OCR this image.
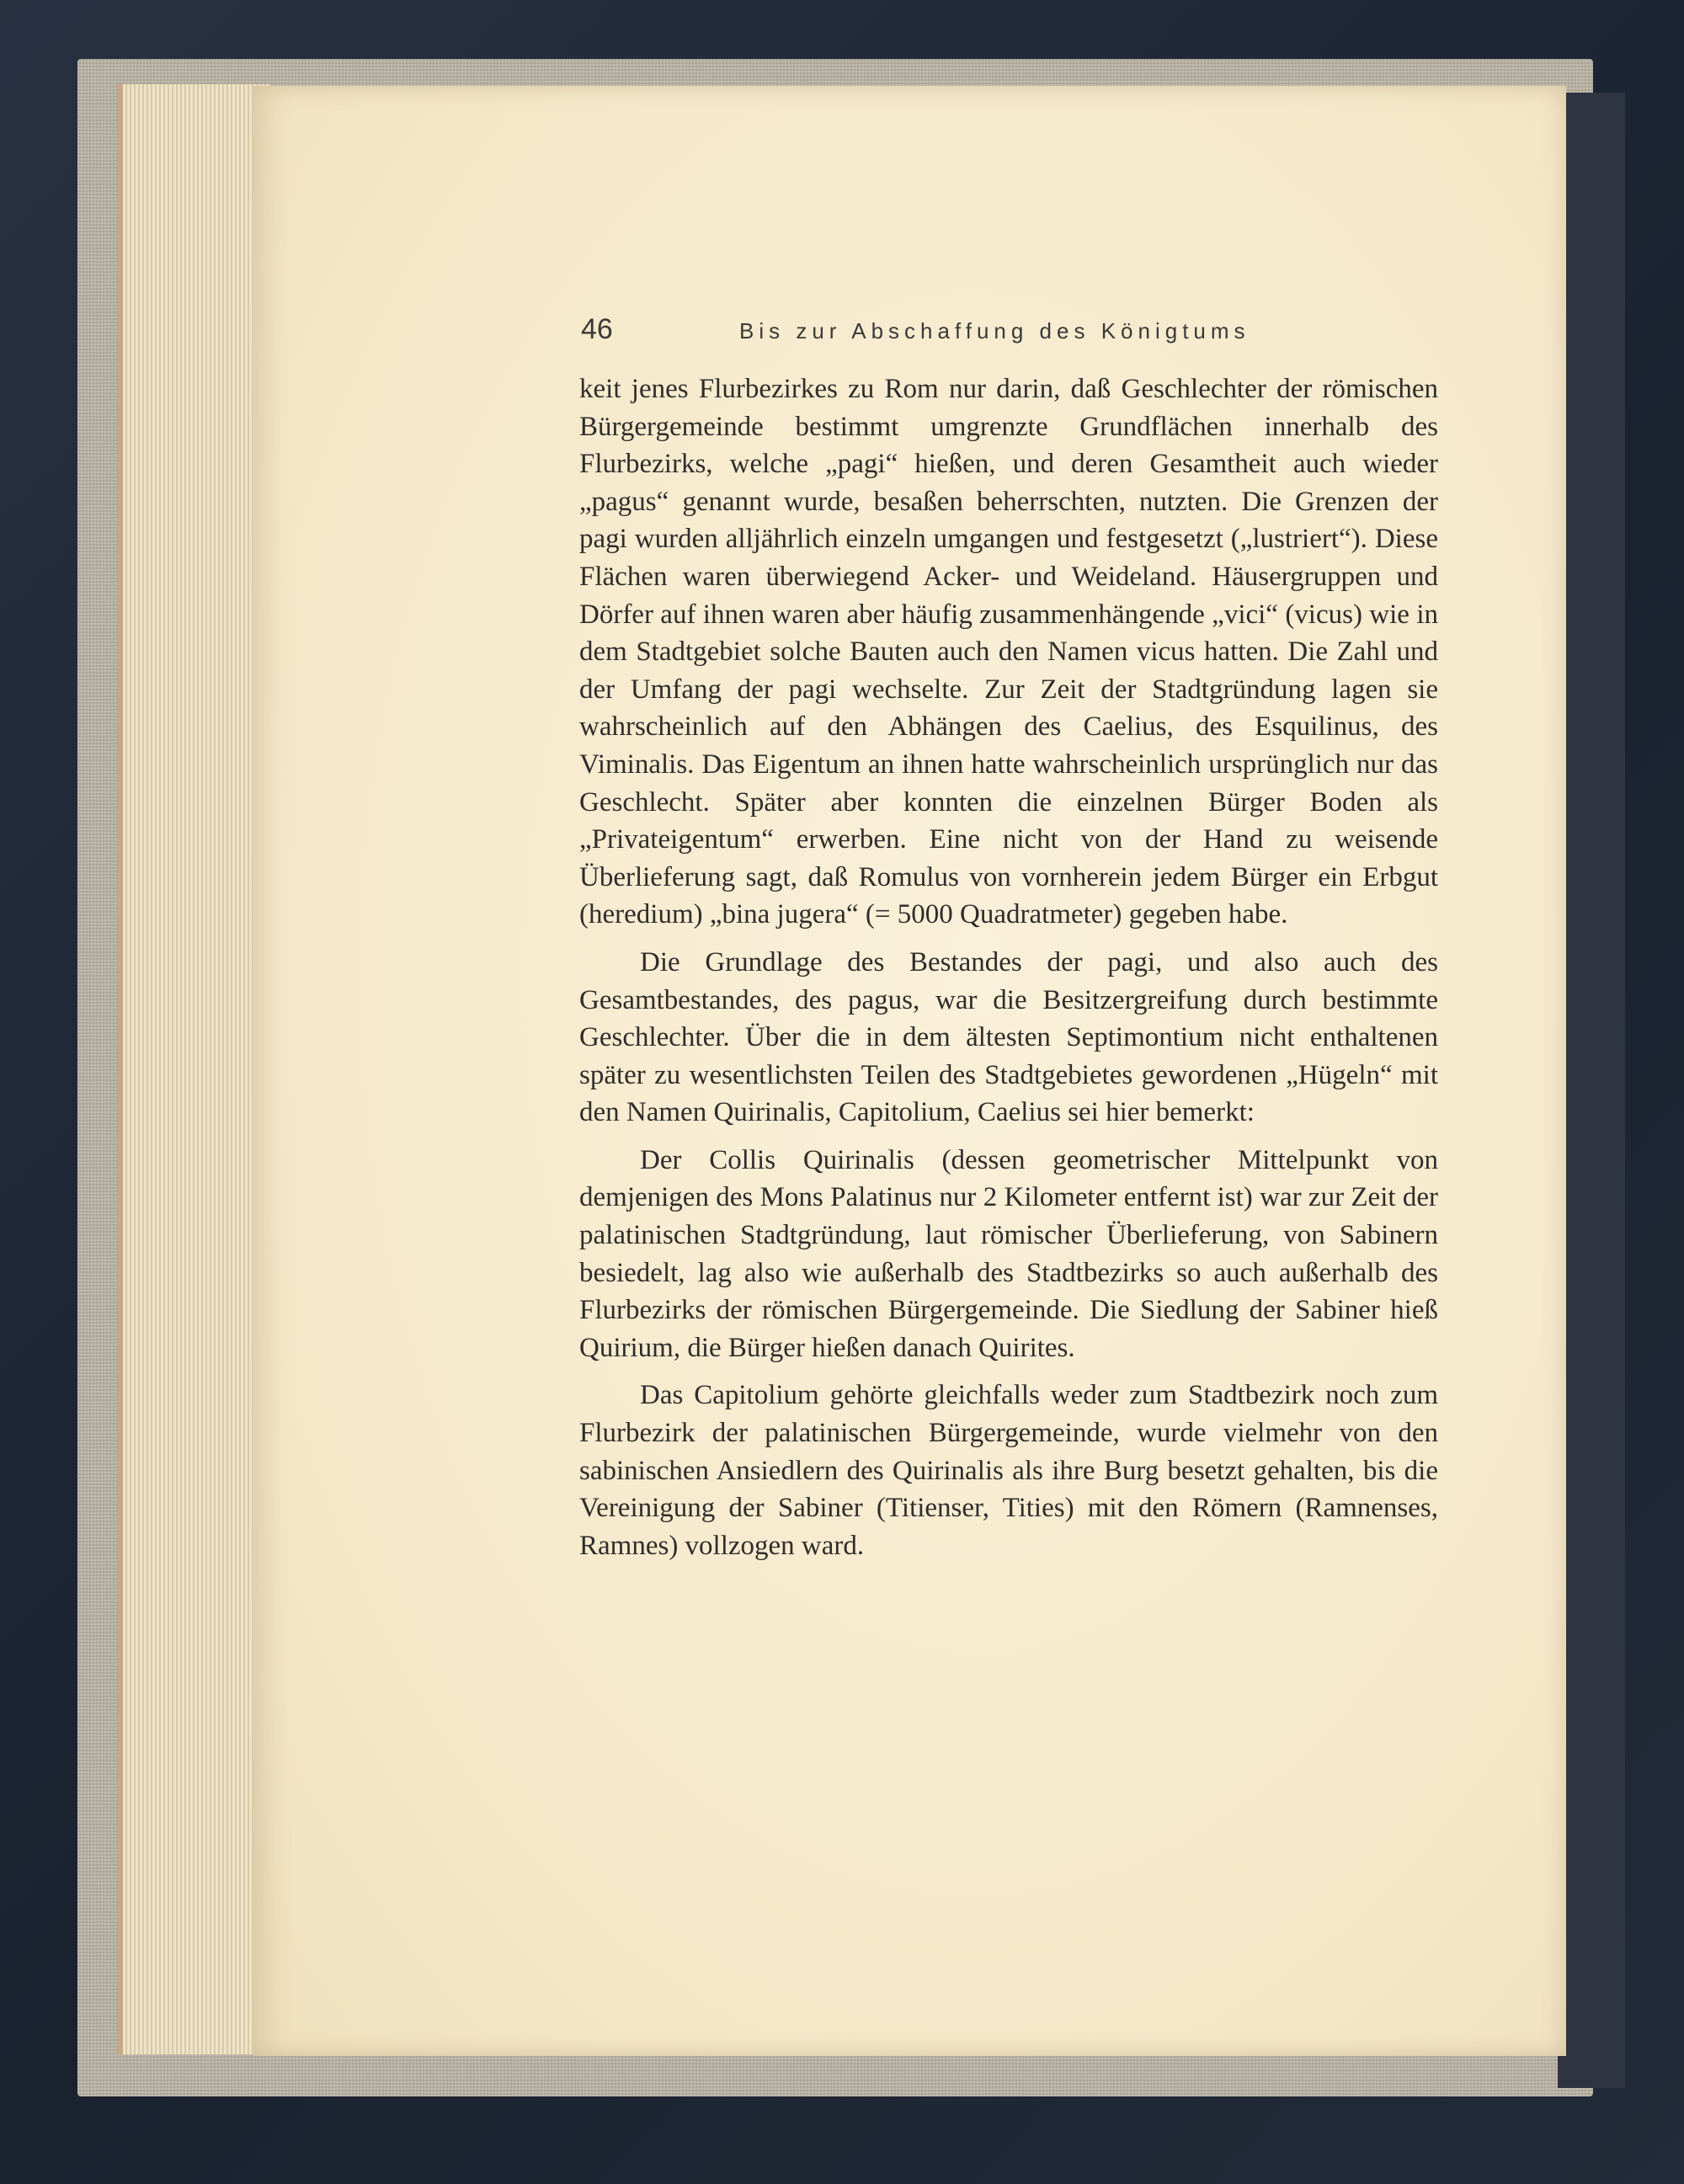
46	Bis zur Abschaffung des Königtums

keit jenes Flurbezirkes zu Rom nur darin, daß Geschlechter der römischen Bürgergemeinde bestimmt umgrenzte Grundflächen innerhalb des Flurbezirks, welche „pagi“ hießen, und deren Gesamtheit auch wieder „pagus“ genannt wurde, besaßen beherrschten, nutzten. Die Grenzen der pagi wurden alljährlich einzeln umgangen und festgesetzt („lustriert“). Diese Flächen waren überwiegend Acker- und Weideland. Häusergruppen und Dörfer auf ihnen waren aber häufig zusammenhängende „vici“ (vicus) wie in dem Stadtgebiet solche Bauten auch den Namen vicus hatten. Die Zahl und der Umfang der pagi wechselte. Zur Zeit der Stadtgründung lagen sie wahrscheinlich auf den Abhängen des Caelius, des Esquilinus, des Viminalis. Das Eigentum an ihnen hatte wahrscheinlich ursprünglich nur das Geschlecht. Später aber konnten die einzelnen Bürger Boden als „Privateigentum“ erwerben. Eine nicht von der Hand zu weisende Überlieferung sagt, daß Romulus von vornherein jedem Bürger ein Erbgut (heredium) „bina jugera“ (= 5000 Quadratmeter) gegeben habe.

Die Grundlage des Bestandes der pagi, und also auch des Gesamtbestandes, des pagus, war die Besitzergreifung durch bestimmte Geschlechter. Über die in dem ältesten Septimontium nicht enthaltenen später zu wesentlichsten Teilen des Stadtgebietes gewordenen „Hügeln“ mit den Namen Quirinalis, Capitolium, Caelius sei hier bemerkt:

Der Collis Quirinalis (dessen geometrischer Mittelpunkt von demjenigen des Mons Palatinus nur 2 Kilometer entfernt ist) war zur Zeit der palatinischen Stadtgründung, laut römischer Überlieferung, von Sabinern besiedelt, lag also wie außerhalb des Stadtbezirks so auch außerhalb des Flurbezirks der römischen Bürgergemeinde. Die Siedlung der Sabiner hieß Quirium, die Bürger hießen danach Quirites.

Das Capitolium gehörte gleichfalls weder zum Stadtbezirk noch zum Flurbezirk der palatinischen Bürgergemeinde, wurde vielmehr von den sabinischen Ansiedlern des Quirinalis als ihre Burg besetzt gehalten, bis die Vereinigung der Sabiner (Titienser, Tities) mit den Römern (Ramnenses, Ramnes) vollzogen ward.
